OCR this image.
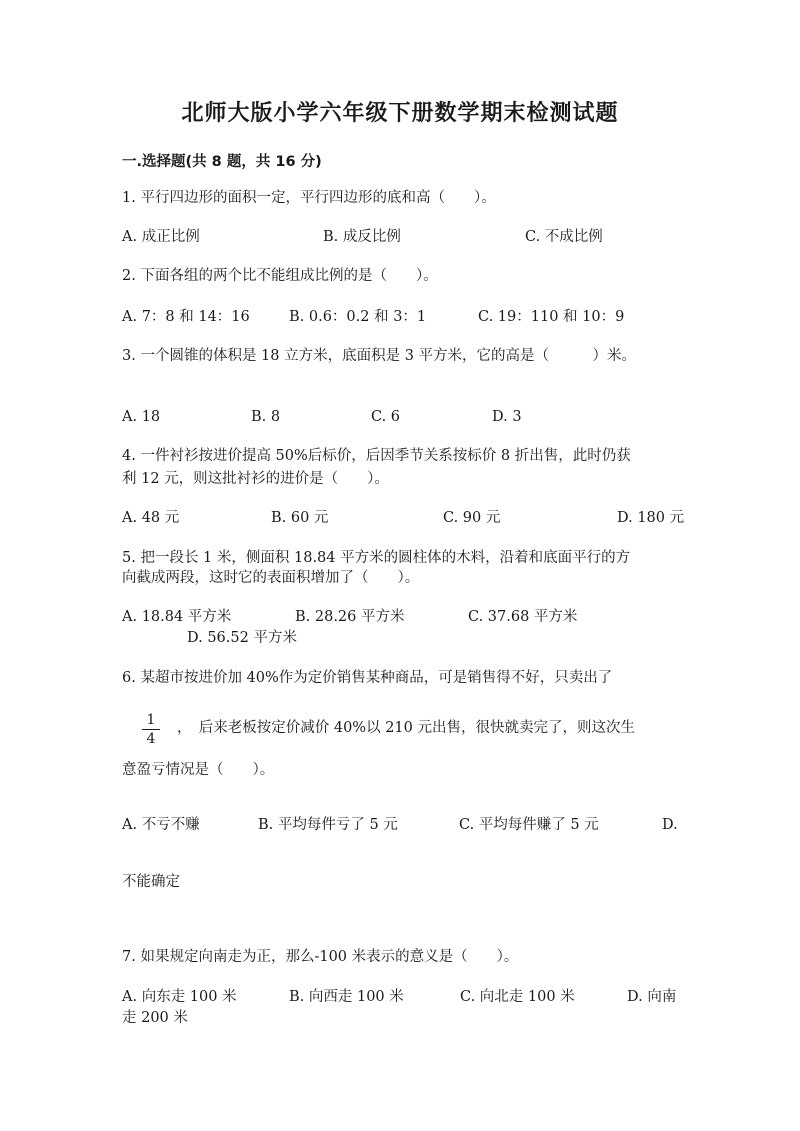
北师大版小学六年级下册数学期末检测试题
一.选择题(共 8 题，共 16 分)
1. 平行四边形的面积一定，平行四边形的底和高（　　）。
A. 成正比例	B. 成反比例	C. 不成比例
2. 下面各组的两个比不能组成比例的是（　　）。
A. 7：8 和 14：16	B. 0.6：0.2 和 3：1	C. 19：110 和 10：9
3. 一个圆锥的体积是 18 立方米，底面积是 3 平方米，它的高是（　　　）米。
A. 18	B. 8	C. 6	D. 3
4. 一件衬衫按进价提高 50%后标价，后因季节关系按标价 8 折出售，此时仍获
利 12 元，则这批衬衫的进价是（　　）。
A. 48 元	B. 60 元	C. 90 元	D. 180 元
5. 把一段长 1 米，侧面积 18.84 平方米的圆柱体的木料，沿着和底面平行的方
向截成两段，这时它的表面积增加了（　　）。
A. 18.84 平方米	B. 28.26 平方米	C. 37.68 平方米
D. 56.52 平方米
6. 某超市按进价加 40%作为定价销售某种商品，可是销售得不好，只卖出了
1
4
，　后来老板按定价减价 40%以 210 元出售，很快就卖完了，则这次生
意盈亏情况是（　　）。
A. 不亏不赚	B. 平均每件亏了 5 元	C. 平均每件赚了 5 元	D.
不能确定
7. 如果规定向南走为正，那么-100 米表示的意义是（　　）。
A. 向东走 100 米	B. 向西走 100 米	C. 向北走 100 米	D. 向南
走 200 米
